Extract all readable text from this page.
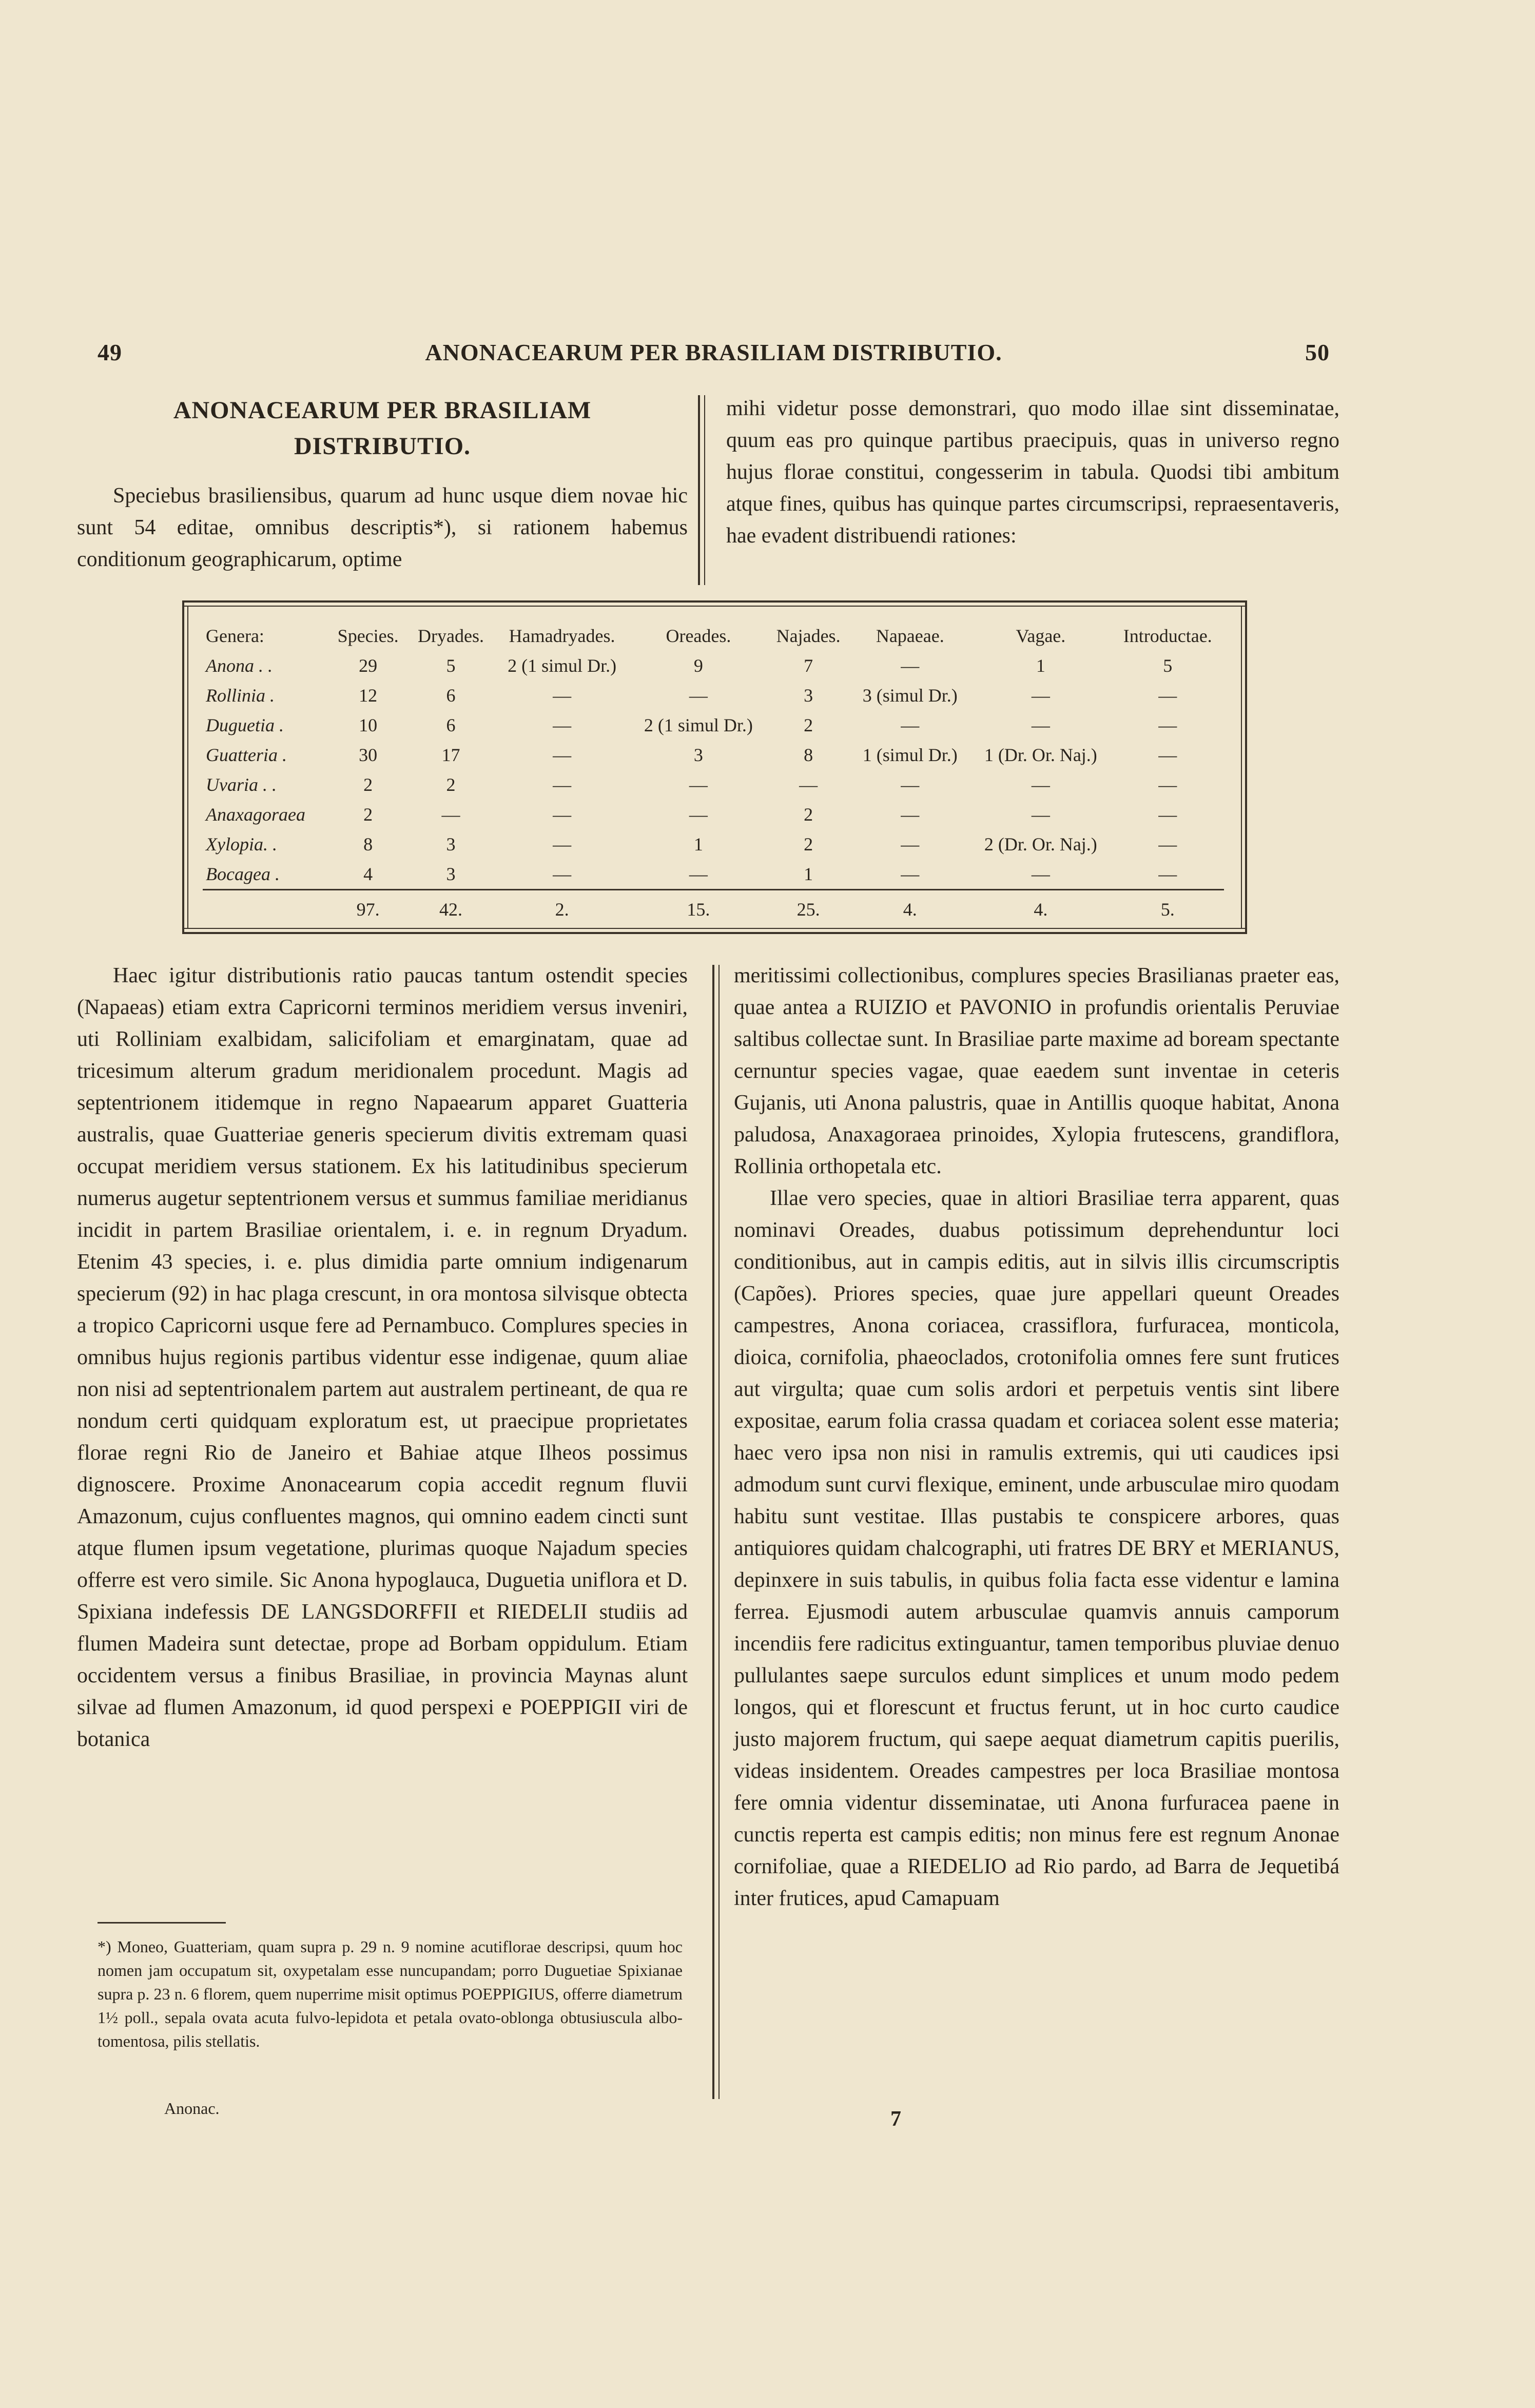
49	ANONACEARUM PER BRASILIAM DISTRIBUTIO.	50
ANONACEARUM PER BRASILIAM
DISTRIBUTIO.

Speciebus brasiliensibus, quarum ad hunc usque diem novae hic sunt 54 editae, omnibus descriptis*), si rationem habemus conditionum geographicarum, optime

mihi videtur posse demonstrari, quo modo illae sint disseminatae, quum eas pro quinque partibus praecipuis, quas in universo regno hujus florae constitui, congesserim in tabula. Quodsi tibi ambitum atque fines, quibus has quinque partes circumscripsi, repraesentaveris, hae evadent distribuendi rationes:

Genera:	Species.	Dryades.	Hamadryades.	Oreades.	Najades.	Napaeae.	Vagae.	Introductae.
Anona . .	29	5	2 (1 simul Dr.)	9	7	—	1	5
Rollinia .	12	6	—	—	3	3 (simul Dr.)	—	—
Duguetia .	10	6	—	2 (1 simul Dr.)	2	—	—	—
Guatteria .	30	17	—	3	8	1 (simul Dr.)	1 (Dr. Or. Naj.)	—
Uvaria . .	2	2	—	—	—	—	—	—
Anaxagoraea	2	—	—	—	2	—	—	—
Xylopia. .	8	3	—	1	2	—	2 (Dr. Or. Naj.)	—
Bocagea .	4	3	—	—	1	—	—	—
	97.	42.	2.	15.	25.	4.	4.	5.

Haec igitur distributionis ratio paucas tantum ostendit species (Napaeas) etiam extra Capricorni terminos meridiem versus inveniri, uti Rolliniam exalbidam, salicifoliam et emarginatam, quae ad tricesimum alterum gradum meridionalem procedunt. Magis ad septentrionem itidemque in regno Napaearum apparet Guatteria australis, quae Guatteriae generis specierum divitis extremam quasi occupat meridiem versus stationem. Ex his latitudinibus specierum numerus augetur septentrionem versus et summus familiae meridianus incidit in partem Brasiliae orientalem, i. e. in regnum Dryadum. Etenim 43 species, i. e. plus dimidia parte omnium indigenarum specierum (92) in hac plaga crescunt, in ora montosa silvisque obtecta a tropico Capricorni usque fere ad Pernambuco. Complures species in omnibus hujus regionis partibus videntur esse indigenae, quum aliae non nisi ad septentrionalem partem aut australem pertineant, de qua re nondum certi quidquam exploratum est, ut praecipue proprietates florae regni Rio de Janeiro et Bahiae atque Ilheos possimus dignoscere. Proxime Anonacearum copia accedit regnum fluvii Amazonum, cujus confluentes magnos, qui omnino eadem cincti sunt atque flumen ipsum vegetatione, plurimas quoque Najadum species offerre est vero simile. Sic Anona hypoglauca, Duguetia uniflora et D. Spixiana indefessis DE LANGSDORFFII et RIEDELII studiis ad flumen Madeira sunt detectae, prope ad Borbam oppidulum. Etiam occidentem versus a finibus Brasiliae, in provincia Maynas alunt silvae ad flumen Amazonum, id quod perspexi e POEPPIGII viri de botanica

meritissimi collectionibus, complures species Brasilianas praeter eas, quae antea a RUIZIO et PAVONIO in profundis orientalis Peruviae saltibus collectae sunt. In Brasiliae parte maxime ad boream spectante cernuntur species vagae, quae eaedem sunt inventae in ceteris Gujanis, uti Anona palustris, quae in Antillis quoque habitat, Anona paludosa, Anaxagoraea prinoides, Xylopia frutescens, grandiflora, Rollinia orthopetala etc.

Illae vero species, quae in altiori Brasiliae terra apparent, quas nominavi Oreades, duabus potissimum deprehenduntur loci conditionibus, aut in campis editis, aut in silvis illis circumscriptis (Capões). Priores species, quae jure appellari queunt Oreades campestres, Anona coriacea, crassiflora, furfuracea, monticola, dioica, cornifolia, phaeoclados, crotonifolia omnes fere sunt frutices aut virgulta; quae cum solis ardori et perpetuis ventis sint libere expositae, earum folia crassa quadam et coriacea solent esse materia; haec vero ipsa non nisi in ramulis extremis, qui uti caudices ipsi admodum sunt curvi flexique, eminent, unde arbusculae miro quodam habitu sunt vestitae. Illas pustabis te conspicere arbores, quas antiquiores quidam chalcographi, uti fratres DE BRY et MERIANUS, depinxere in suis tabulis, in quibus folia facta esse videntur e lamina ferrea. Ejusmodi autem arbusculae quamvis annuis camporum incendiis fere radicitus extinguantur, tamen temporibus pluviae denuo pullulantes saepe surculos edunt simplices et unum modo pedem longos, qui et florescunt et fructus ferunt, ut in hoc curto caudice justo majorem fructum, qui saepe aequat diametrum capitis puerilis, videas insidentem. Oreades campestres per loca Brasiliae montosa fere omnia videntur disseminatae, uti Anona furfuracea paene in cunctis reperta est campis editis; non minus fere est regnum Anonae cornifoliae, quae a RIEDELIO ad Rio pardo, ad Barra de Jequetibá inter frutices, apud Camapuam

*) Moneo, Guatteriam, quam supra p. 29 n. 9 nomine acutiflorae descripsi, quum hoc nomen jam occupatum sit, oxypetalam esse nuncupandam; porro Duguetiae Spixianae supra p. 23 n. 6 florem, quem nuperrime misit optimus POEPPIGIUS, offerre diametrum 1½ poll., sepala ovata acuta fulvo-lepidota et petala ovato-oblonga obtusiuscula albo-tomentosa, pilis stellatis.
Anonac.	7
